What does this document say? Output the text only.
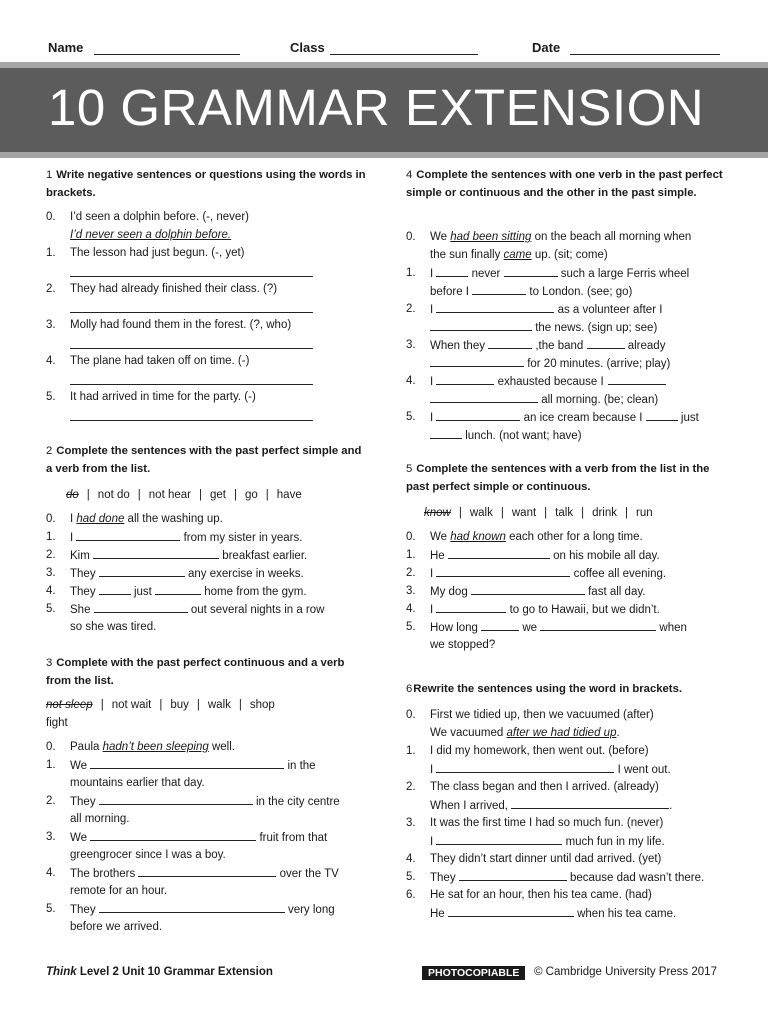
Name	Class	Date
10 GRAMMAR EXTENSION
1 Write negative sentences or questions using the words in brackets.
0. I’d seen a dolphin before. (-, never)
I’d never seen a dolphin before.
1. The lesson had just begun. (-, yet)
2. They had already finished their class. (?)
3. Molly had found them in the forest. (?, who)
4. The plane had taken off on time. (-)
5. It had arrived in time for the party. (-)
2 Complete the sentences with the past perfect simple and a verb from the list.
do | not do | not hear | get | go | have
0. I had done all the washing up.
1. I	from my sister in years.
2. Kim	breakfast earlier.
3. They	any exercise in weeks.
4. They	just	home from the gym.
5. She	out several nights in a row
so she was tired.
3 Complete with the past perfect continuous and a verb from the list.
not sleep | not wait | buy | walk | shop
fight
0. Paula hadn’t been sleeping well.
1. We	in the
mountains earlier that day.
2. They	in the city centre
all morning.
3. We	fruit from that
greengrocer since I was a boy.
4. The brothers	over the TV
remote for an hour.
5. They	very long
before we arrived.
4 Complete the sentences with one verb in the past perfect simple or continuous and the other in the past simple.
0. We had been sitting on the beach all morning when
the sun finally came up. (sit; come)
1. I	never	such a large Ferris wheel
before I	to London. (see; go)
2. I	as a volunteer after I
the news. (sign up; see)
3. When they	,the band	already
for 20 minutes. (arrive; play)
4. I	exhausted because I
all morning. (be; clean)
5. I	an ice cream because I	just
lunch. (not want; have)
5 Complete the sentences with a verb from the list in the past perfect simple or continuous.
know | walk | want | talk | drink | run
0. We had known each other for a long time.
1. He	on his mobile all day.
2. I	coffee all evening.
3. My dog	fast all day.
4. I	to go to Hawaii, but we didn’t.
5. How long	we	when
we stopped?
6Rewrite the sentences using the word in brackets.
0. First we tidied up, then we vacuumed (after)
We vacuumed after we had tidied up.
1. I did my homework, then went out. (before)
I	I went out.
2. The class began and then I arrived. (already)
When I arrived,	.
3. It was the first time I had so much fun. (never)
I	much fun in my life.
4. They didn’t start dinner until dad arrived. (yet)
5. They	because dad wasn’t there.
6. He sat for an hour, then his tea came. (had)
He	when his tea came.
Think Level 2 Unit 10 Grammar Extension	PHOTOCOPIABLE	© Cambridge University Press 2017
